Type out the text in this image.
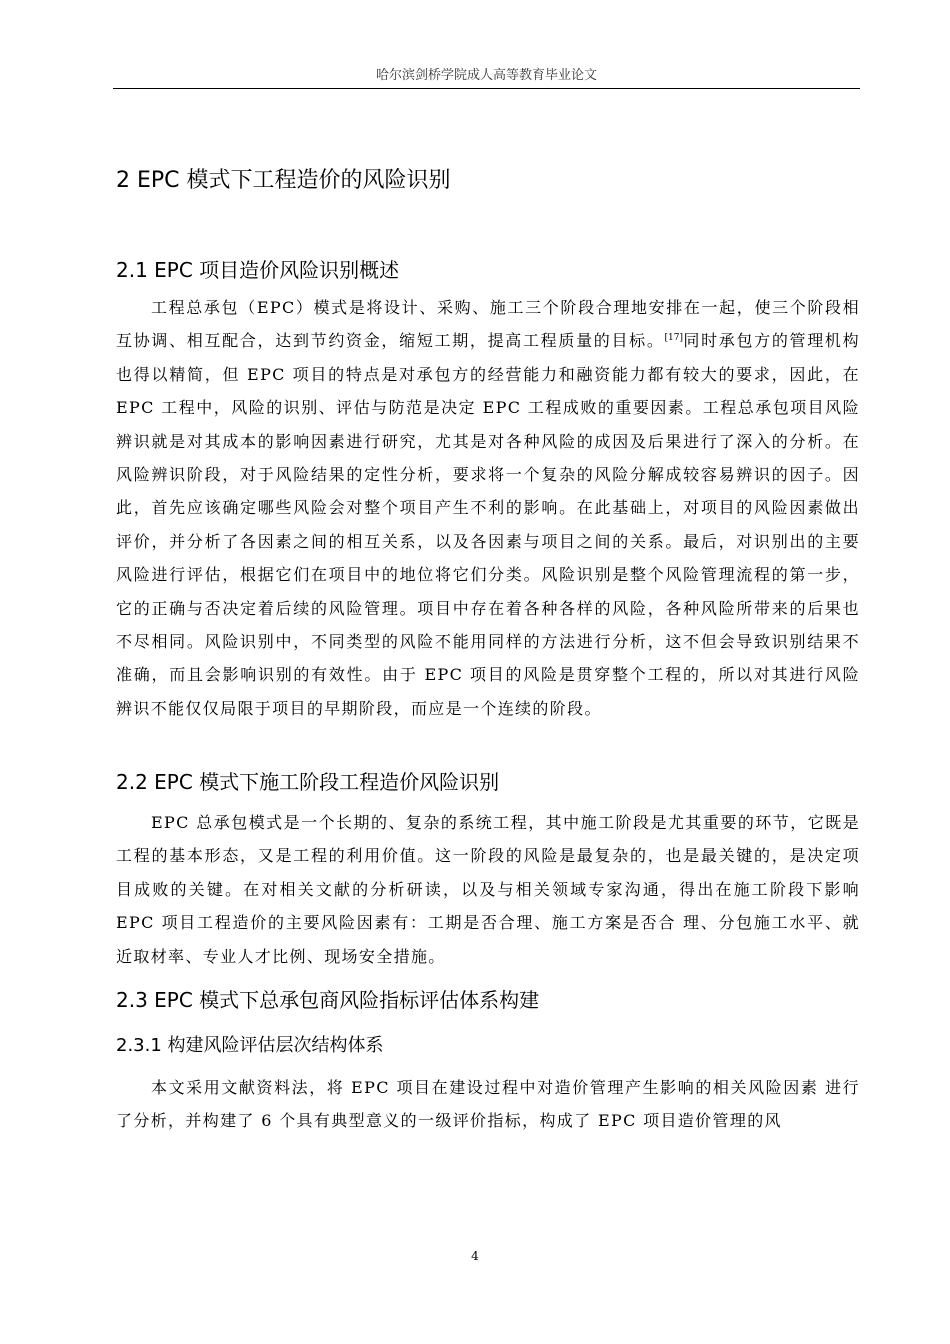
哈尔滨剑桥学院成人高等教育毕业论文
2 EPC 模式下工程造价的风险识别
2.1 EPC 项目造价风险识别概述

工程总承包（EPC）模式是将设计、采购、施工三个阶段合理地安排在一起，使三个阶段相互协调、相互配合，达到节约资金，缩短工期，提高工程质量的目标。[17]同时承包方的管理机构也得以精简，但 EPC 项目的特点是对承包方的经营能力和融资能力都有较大的要求，因此，在 EPC 工程中，风险的识别、评估与防范是决定 EPC 工程成败的重要因素。工程总承包项目风险辨识就是对其成本的影响因素进行研究，尤其是对各种风险的成因及后果进行了深入的分析。在风险辨识阶段，对于风险结果的定性分析，要求将一个复杂的风险分解成较容易辨识的因子。因此，首先应该确定哪些风险会对整个项目产生不利的影响。在此基础上，对项目的风险因素做出评价，并分析了各因素之间的相互关系，以及各因素与项目之间的关系。最后，对识别出的主要风险进行评估，根据它们在项目中的地位将它们分类。风险识别是整个风险管理流程的第一步，它的正确与否决定着后续的风险管理。项目中存在着各种各样的风险，各种风险所带来的后果也不尽相同。风险识别中，不同类型的风险不能用同样的方法进行分析，这不但会导致识别结果不准确，而且会影响识别的有效性。由于 EPC 项目的风险是贯穿整个工程的，所以对其进行风险辨识不能仅仅局限于项目的早期阶段，而应是一个连续的阶段。

2.2 EPC 模式下施工阶段工程造价风险识别

EPC 总承包模式是一个长期的、复杂的系统工程，其中施工阶段是尤其重要的环节，它既是工程的基本形态，又是工程的利用价值。这一阶段的风险是最复杂的，也是最关键的，是决定项目成败的关键。在对相关文献的分析研读，以及与相关领域专家沟通，得出在施工阶段下影响 EPC 项目工程造价的主要风险因素有：工期是否合理、施工方案是否合 理、分包施工水平、就近取材率、专业人才比例、现场安全措施。

2.3 EPC 模式下总承包商风险指标评估体系构建
2.3.1 构建风险评估层次结构体系

本文采用文献资料法，将 EPC 项目在建设过程中对造价管理产生影响的相关风险因素 进行了分析，并构建了 6 个具有典型意义的一级评价指标，构成了 EPC 项目造价管理的风

4
